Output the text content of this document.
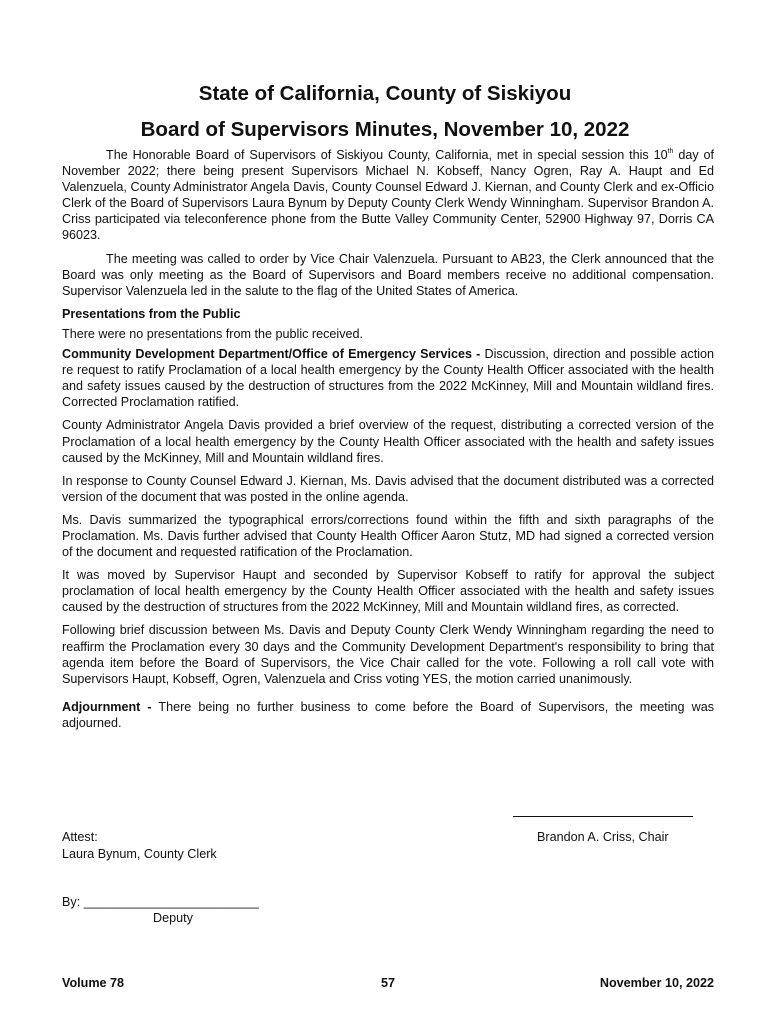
State of California, County of Siskiyou
Board of Supervisors Minutes, November 10, 2022

The Honorable Board of Supervisors of Siskiyou County, California, met in special session this 10th day of November 2022; there being present Supervisors Michael N. Kobseff, Nancy Ogren, Ray A. Haupt and Ed Valenzuela, County Administrator Angela Davis, County Counsel Edward J. Kiernan, and County Clerk and ex-Officio Clerk of the Board of Supervisors Laura Bynum by Deputy County Clerk Wendy Winningham. Supervisor Brandon A. Criss participated via teleconference phone from the Butte Valley Community Center, 52900 Highway 97, Dorris CA 96023.

The meeting was called to order by Vice Chair Valenzuela. Pursuant to AB23, the Clerk announced that the Board was only meeting as the Board of Supervisors and Board members receive no additional compensation. Supervisor Valenzuela led in the salute to the flag of the United States of America.

Presentations from the Public

There were no presentations from the public received.

Community Development Department/Office of Emergency Services - Discussion, direction and possible action re request to ratify Proclamation of a local health emergency by the County Health Officer associated with the health and safety issues caused by the destruction of structures from the 2022 McKinney, Mill and Mountain wildland fires. Corrected Proclamation ratified.

County Administrator Angela Davis provided a brief overview of the request, distributing a corrected version of the Proclamation of a local health emergency by the County Health Officer associated with the health and safety issues caused by the McKinney, Mill and Mountain wildland fires.

In response to County Counsel Edward J. Kiernan, Ms. Davis advised that the document distributed was a corrected version of the document that was posted in the online agenda.

Ms. Davis summarized the typographical errors/corrections found within the fifth and sixth paragraphs of the Proclamation. Ms. Davis further advised that County Health Officer Aaron Stutz, MD had signed a corrected version of the document and requested ratification of the Proclamation.

It was moved by Supervisor Haupt and seconded by Supervisor Kobseff to ratify for approval the subject proclamation of local health emergency by the County Health Officer associated with the health and safety issues caused by the destruction of structures from the 2022 McKinney, Mill and Mountain wildland fires, as corrected.

Following brief discussion between Ms. Davis and Deputy County Clerk Wendy Winningham regarding the need to reaffirm the Proclamation every 30 days and the Community Development Department's responsibility to bring that agenda item before the Board of Supervisors, the Vice Chair called for the vote. Following a roll call vote with Supervisors Haupt, Kobseff, Ogren, Valenzuela and Criss voting YES, the motion carried unanimously.

Adjournment - There being no further business to come before the Board of Supervisors, the meeting was adjourned.

Brandon A. Criss, Chair
Attest:
Laura Bynum, County Clerk
By: _________________________
Deputy
Volume 78	57	November 10, 2022
